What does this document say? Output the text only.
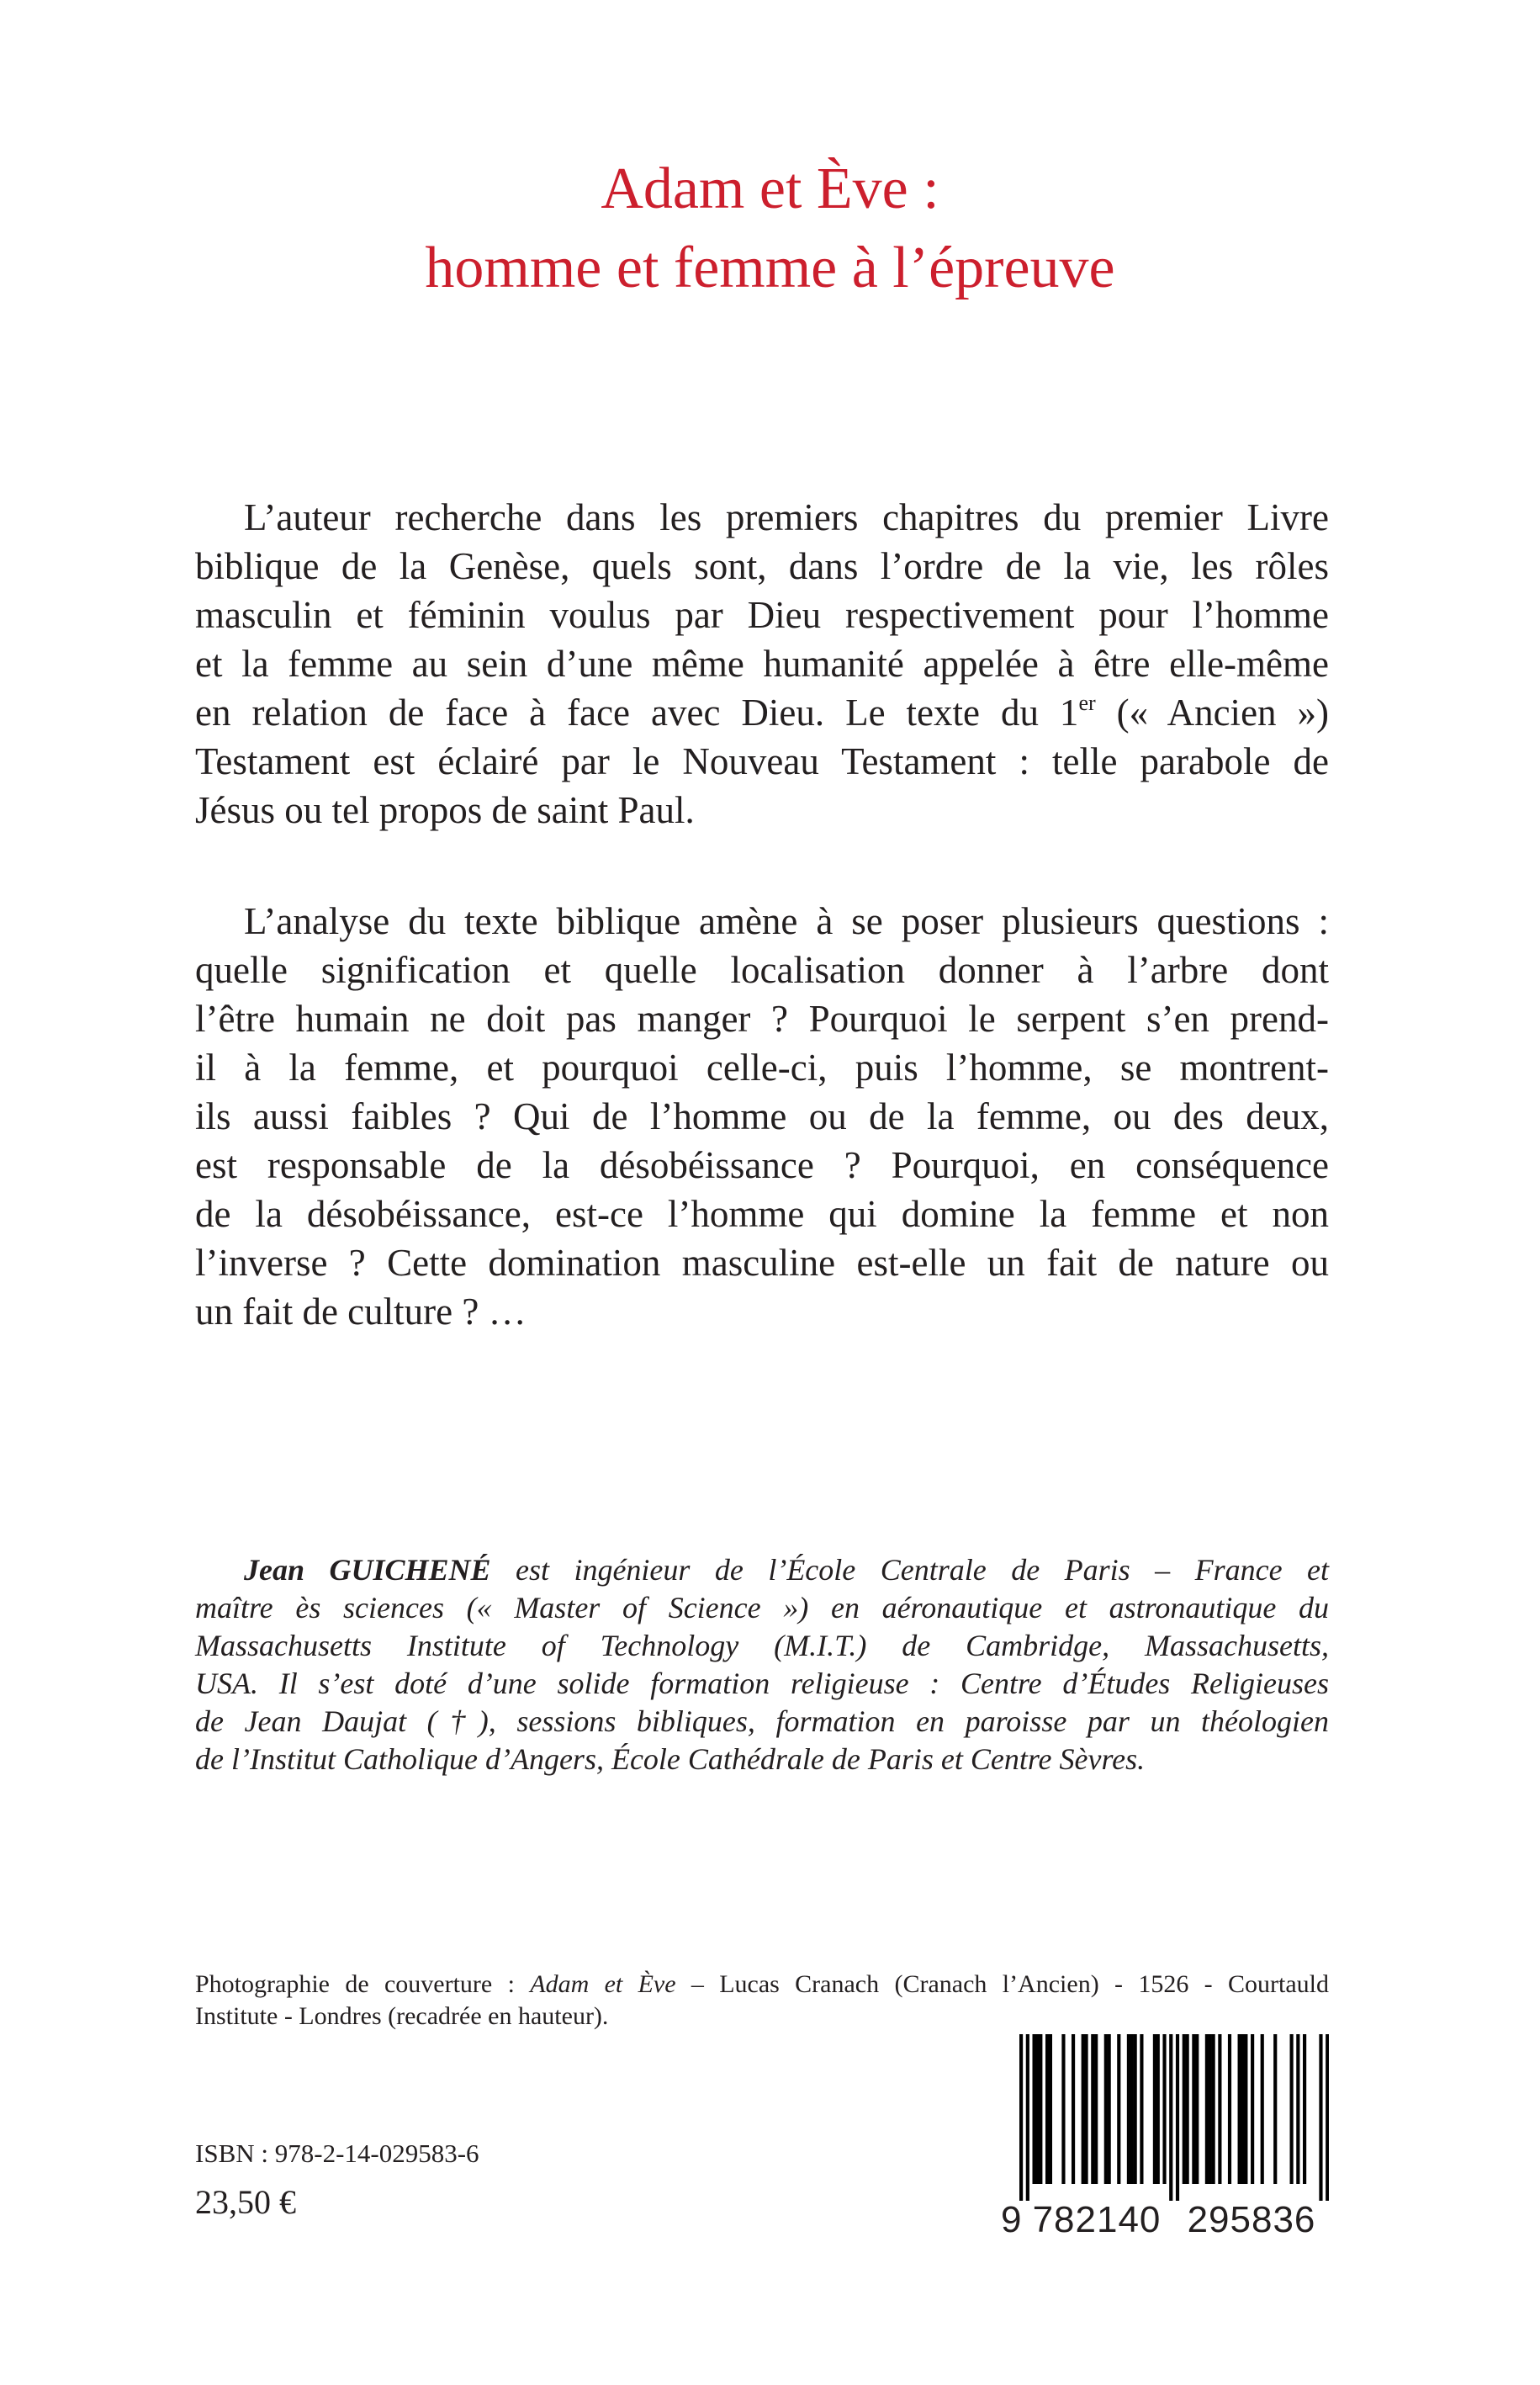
Adam et Ève :
homme et femme à l’épreuve
L’auteur recherche dans les premiers chapitres du premier Livre
biblique de la Genèse, quels sont, dans l’ordre de la vie, les rôles
masculin et féminin voulus par Dieu respectivement pour l’homme
et la femme au sein d’une même humanité appelée à être elle-même
en relation de face à face avec Dieu. Le texte du 1er (« Ancien »)
Testament est éclairé par le Nouveau Testament : telle parabole de
Jésus ou tel propos de saint Paul.
L’analyse du texte biblique amène à se poser plusieurs questions :
quelle signification et quelle localisation donner à l’arbre dont
l’être humain ne doit pas manger ? Pourquoi le serpent s’en prend-
il à la femme, et pourquoi celle-ci, puis l’homme, se montrent-
ils aussi faibles ? Qui de l’homme ou de la femme, ou des deux,
est responsable de la désobéissance ? Pourquoi, en conséquence
de la désobéissance, est-ce l’homme qui domine la femme et non
l’inverse ? Cette domination masculine est-elle un fait de nature ou
un fait de culture ? …
Jean GUICHENÉ est ingénieur de l’École Centrale de Paris – France et
maître ès sciences (« Master of Science ») en aéronautique et astronautique du
Massachusetts Institute of Technology (M.I.T.) de Cambridge, Massachusetts,
USA. Il s’est doté d’une solide formation religieuse : Centre d’Études Religieuses
de Jean Daujat (†), sessions bibliques, formation en paroisse par un théologien
de l’Institut Catholique d’Angers, École Cathédrale de Paris et Centre Sèvres.
Photographie de couverture : Adam et Ève – Lucas Cranach (Cranach l’Ancien) - 1526 - Courtauld
Institute - Londres (recadrée en hauteur).
ISBN : 978-2-14-029583-6
23,50 €	9 782140 295836
